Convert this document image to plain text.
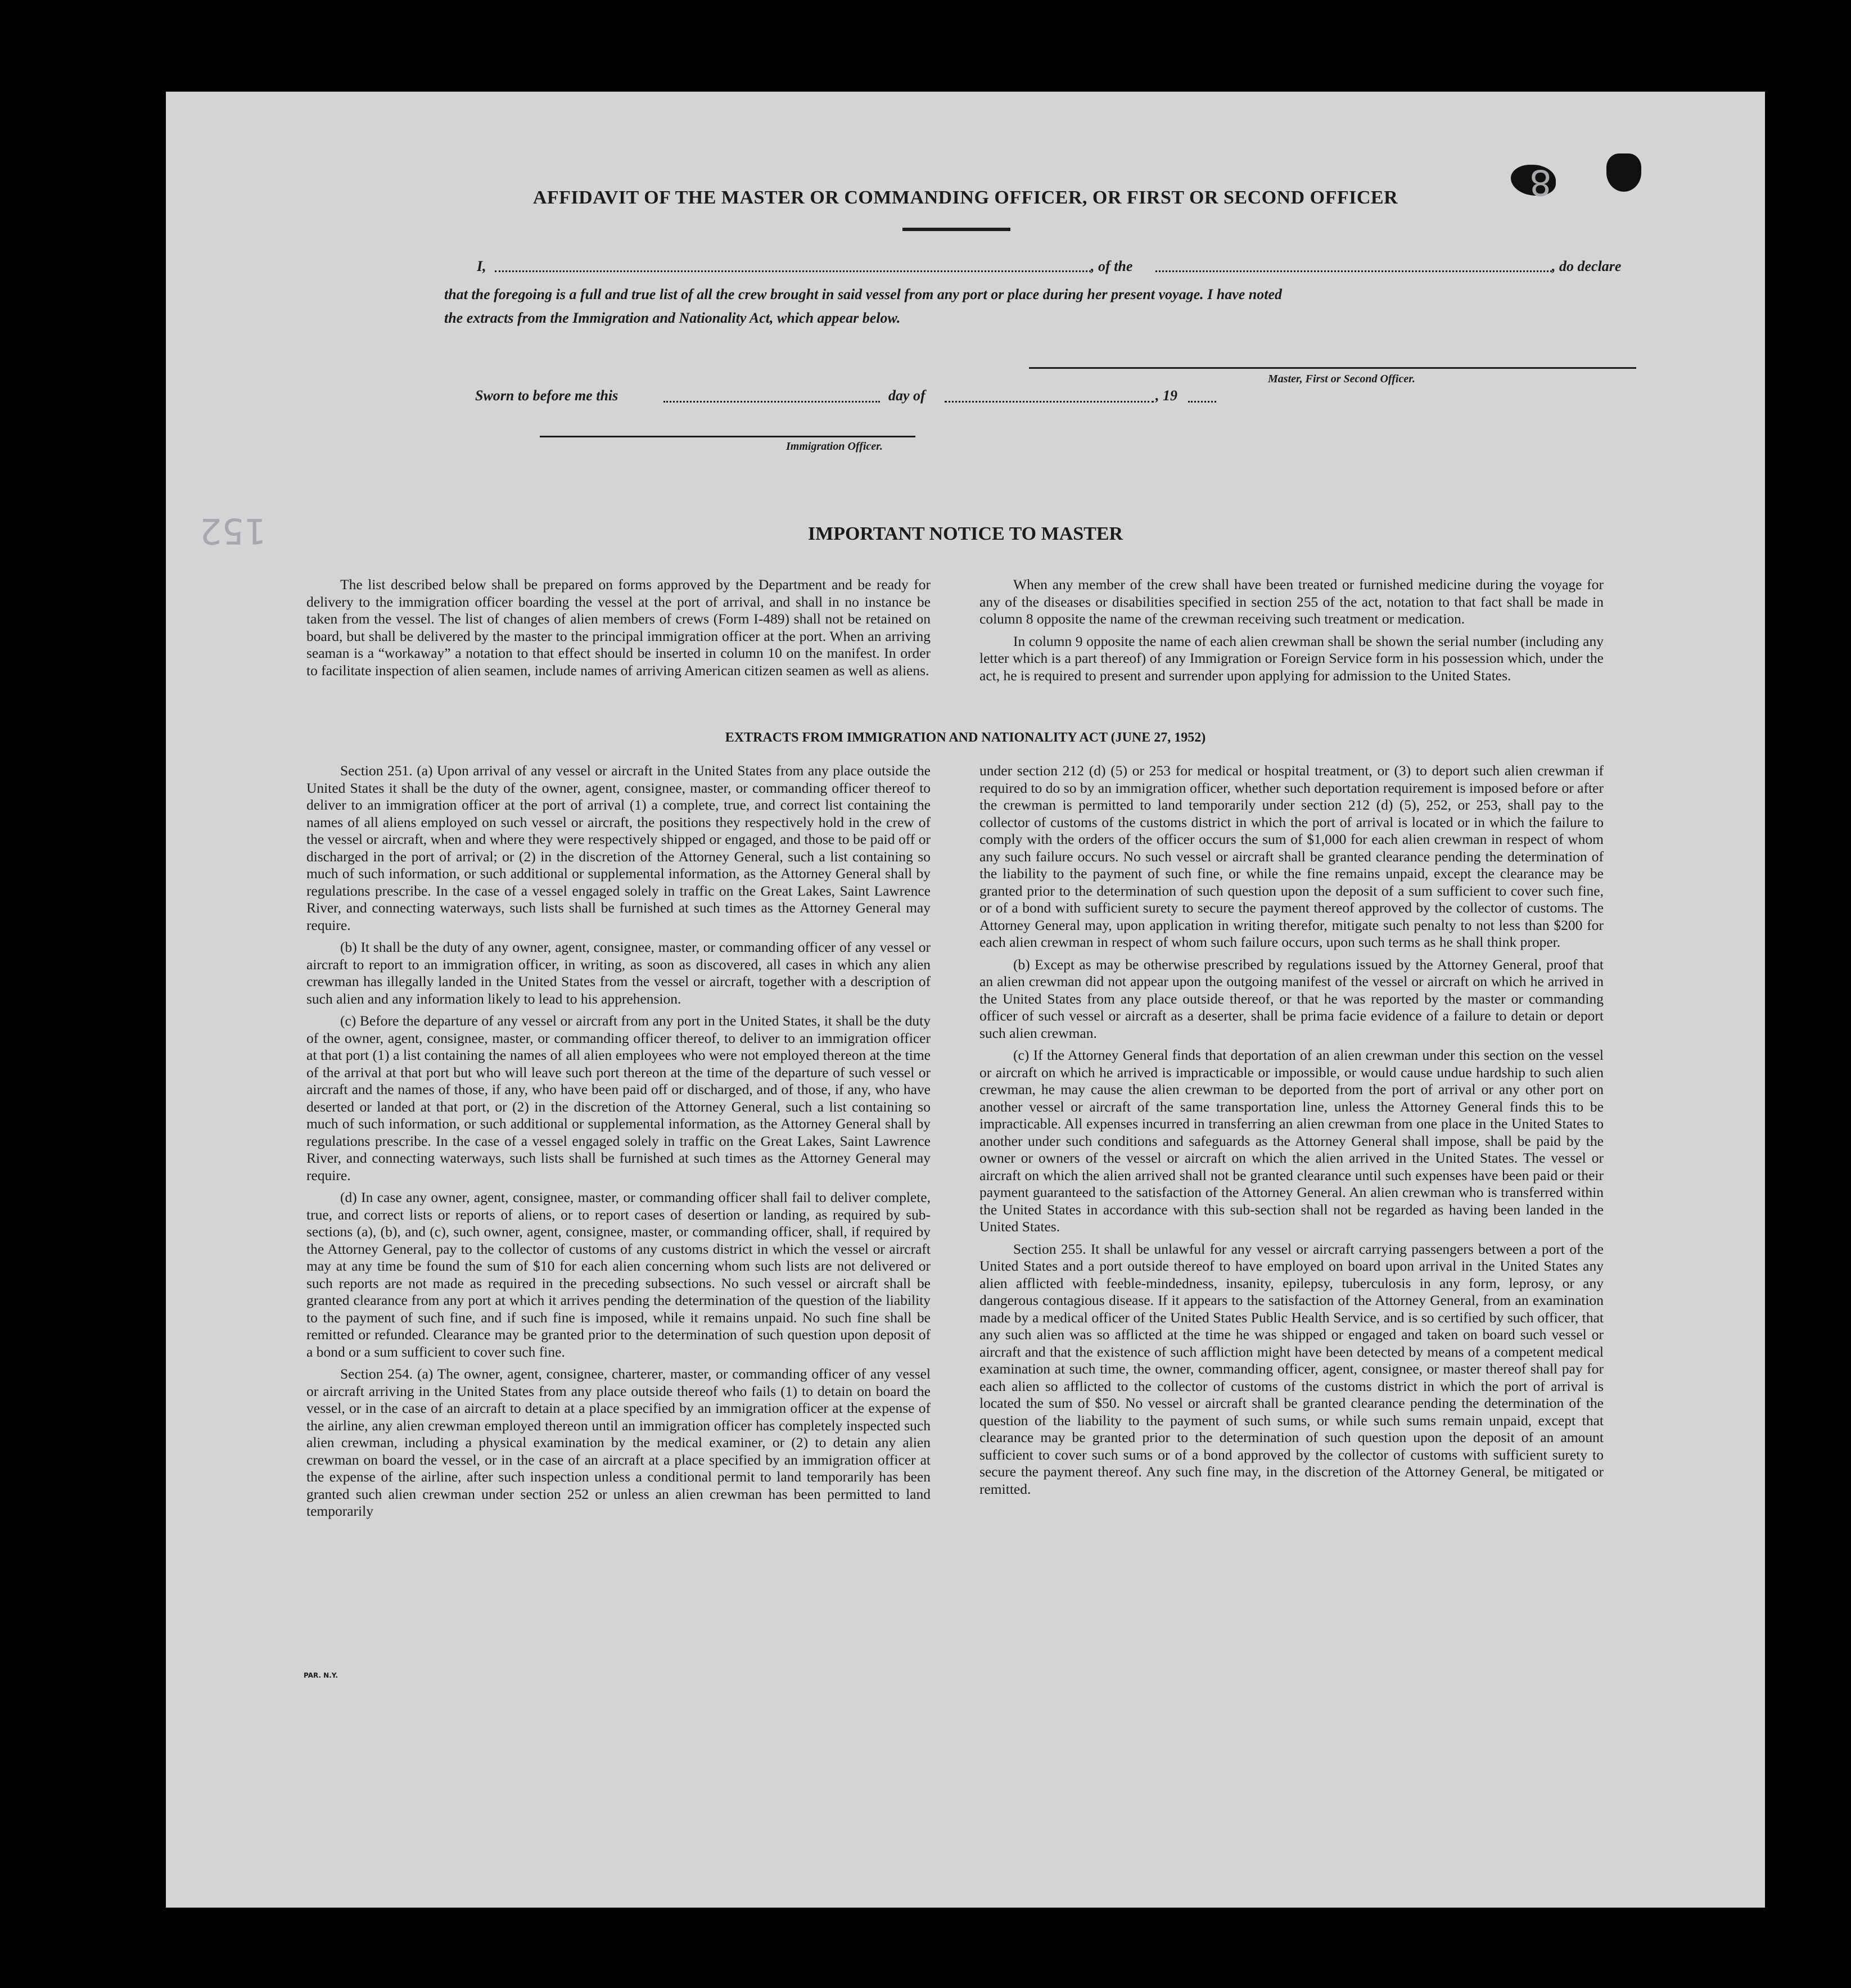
8
152
AFFIDAVIT OF THE MASTER OR COMMANDING OFFICER, OR FIRST OR SECOND OFFICER
I,	, of the	, do declare
that the foregoing is a full and true list of all the crew brought in said vessel from any port or place during her present voyage. I have noted
the extracts from the Immigration and Nationality Act, which appear below.
Master, First or Second Officer.
Sworn to before me this	day of	, 19
Immigration Officer.
IMPORTANT NOTICE TO MASTER

The list described below shall be prepared on forms approved by the Department and be ready for delivery to the immigration officer boarding the vessel at the port of arrival, and shall in no instance be taken from the vessel. The list of changes of alien members of crews (Form I-489) shall not be retained on board, but shall be delivered by the master to the principal immigration officer at the port. When an arriving seaman is a “workaway” a notation to that effect should be inserted in column 10 on the manifest. In order to facilitate inspection of alien seamen, include names of arriving American citizen seamen as well as aliens.

When any member of the crew shall have been treated or furnished medicine during the voyage for any of the diseases or disabilities specified in section 255 of the act, notation to that fact shall be made in column 8 opposite the name of the crewman receiving such treatment or medication.

In column 9 opposite the name of each alien crewman shall be shown the serial number (including any letter which is a part thereof) of any Immigration or Foreign Service form in his possession which, under the act, he is required to present and surrender upon applying for admission to the United States.

EXTRACTS FROM IMMIGRATION AND NATIONALITY ACT (JUNE 27, 1952)

Section 251. (a) Upon arrival of any vessel or aircraft in the United States from any place outside the United States it shall be the duty of the owner, agent, consignee, master, or commanding officer thereof to deliver to an immigration officer at the port of arrival (1) a complete, true, and correct list containing the names of all aliens employed on such vessel or aircraft, the positions they respectively hold in the crew of the vessel or aircraft, when and where they were respectively shipped or engaged, and those to be paid off or discharged in the port of arrival; or (2) in the discretion of the Attorney General, such a list containing so much of such information, or such additional or supplemental information, as the Attorney General shall by regulations prescribe. In the case of a vessel engaged solely in traffic on the Great Lakes, Saint Lawrence River, and connecting waterways, such lists shall be furnished at such times as the Attorney General may require.

(b) It shall be the duty of any owner, agent, consignee, master, or commanding officer of any vessel or aircraft to report to an immigration officer, in writing, as soon as discovered, all cases in which any alien crewman has illegally landed in the United States from the vessel or aircraft, together with a description of such alien and any information likely to lead to his apprehension.

(c) Before the departure of any vessel or aircraft from any port in the United States, it shall be the duty of the owner, agent, consignee, master, or commanding officer thereof, to deliver to an immigration officer at that port (1) a list containing the names of all alien employees who were not employed thereon at the time of the arrival at that port but who will leave such port thereon at the time of the departure of such vessel or aircraft and the names of those, if any, who have been paid off or discharged, and of those, if any, who have deserted or landed at that port, or (2) in the discretion of the Attorney General, such a list containing so much of such information, or such additional or supplemental information, as the Attorney General shall by regulations prescribe. In the case of a vessel engaged solely in traffic on the Great Lakes, Saint Lawrence River, and connecting waterways, such lists shall be furnished at such times as the Attorney General may require.

(d) In case any owner, agent, consignee, master, or commanding officer shall fail to deliver complete, true, and correct lists or reports of aliens, or to report cases of desertion or landing, as required by sub-sections (a), (b), and (c), such owner, agent, consignee, master, or commanding officer, shall, if required by the Attorney General, pay to the collector of customs of any customs district in which the vessel or aircraft may at any time be found the sum of $10 for each alien concerning whom such lists are not delivered or such reports are not made as required in the preceding subsections. No such vessel or aircraft shall be granted clearance from any port at which it arrives pending the determination of the question of the liability to the payment of such fine, and if such fine is imposed, while it remains unpaid. No such fine shall be remitted or refunded. Clearance may be granted prior to the determination of such question upon deposit of a bond or a sum sufficient to cover such fine.

Section 254. (a) The owner, agent, consignee, charterer, master, or commanding officer of any vessel or aircraft arriving in the United States from any place outside thereof who fails (1) to detain on board the vessel, or in the case of an aircraft to detain at a place specified by an immigration officer at the expense of the airline, any alien crewman employed thereon until an immigration officer has completely inspected such alien crewman, including a physical examination by the medical examiner, or (2) to detain any alien crewman on board the vessel, or in the case of an aircraft at a place specified by an immigration officer at the expense of the airline, after such inspection unless a conditional permit to land temporarily has been granted such alien crewman under section 252 or unless an alien crewman has been permitted to land temporarily

under section 212 (d) (5) or 253 for medical or hospital treatment, or (3) to deport such alien crewman if required to do so by an immigration officer, whether such deportation requirement is imposed before or after the crewman is permitted to land temporarily under section 212 (d) (5), 252, or 253, shall pay to the collector of customs of the customs district in which the port of arrival is located or in which the failure to comply with the orders of the officer occurs the sum of $1,000 for each alien crewman in respect of whom any such failure occurs. No such vessel or aircraft shall be granted clearance pending the determination of the liability to the payment of such fine, or while the fine remains unpaid, except the clearance may be granted prior to the determination of such question upon the deposit of a sum sufficient to cover such fine, or of a bond with sufficient surety to secure the payment thereof approved by the collector of customs. The Attorney General may, upon application in writing therefor, mitigate such penalty to not less than $200 for each alien crewman in respect of whom such failure occurs, upon such terms as he shall think proper.

(b) Except as may be otherwise prescribed by regulations issued by the Attorney General, proof that an alien crewman did not appear upon the outgoing manifest of the vessel or aircraft on which he arrived in the United States from any place outside thereof, or that he was reported by the master or commanding officer of such vessel or aircraft as a deserter, shall be prima facie evidence of a failure to detain or deport such alien crewman.

(c) If the Attorney General finds that deportation of an alien crewman under this section on the vessel or aircraft on which he arrived is impracticable or impossible, or would cause undue hardship to such alien crewman, he may cause the alien crewman to be deported from the port of arrival or any other port on another vessel or aircraft of the same transportation line, unless the Attorney General finds this to be impracticable. All expenses incurred in transferring an alien crewman from one place in the United States to another under such conditions and safeguards as the Attorney General shall impose, shall be paid by the owner or owners of the vessel or aircraft on which the alien arrived in the United States. The vessel or aircraft on which the alien arrived shall not be granted clearance until such expenses have been paid or their payment guaranteed to the satisfaction of the Attorney General. An alien crewman who is transferred within the United States in accordance with this sub-section shall not be regarded as having been landed in the United States.

Section 255. It shall be unlawful for any vessel or aircraft carrying passengers between a port of the United States and a port outside thereof to have employed on board upon arrival in the United States any alien afflicted with feeble-mindedness, insanity, epilepsy, tuberculosis in any form, leprosy, or any dangerous contagious disease. If it appears to the satisfaction of the Attorney General, from an examination made by a medical officer of the United States Public Health Service, and is so certified by such officer, that any such alien was so afflicted at the time he was shipped or engaged and taken on board such vessel or aircraft and that the existence of such affliction might have been detected by means of a competent medical examination at such time, the owner, commanding officer, agent, consignee, or master thereof shall pay for each alien so afflicted to the collector of customs of the customs district in which the port of arrival is located the sum of $50. No vessel or aircraft shall be granted clearance pending the determination of the question of the liability to the payment of such sums, or while such sums remain unpaid, except that clearance may be granted prior to the determination of such question upon the deposit of an amount sufficient to cover such sums or of a bond approved by the collector of customs with sufficient surety to secure the payment thereof. Any such fine may, in the discretion of the Attorney General, be mitigated or remitted.

PAR. N.Y.
